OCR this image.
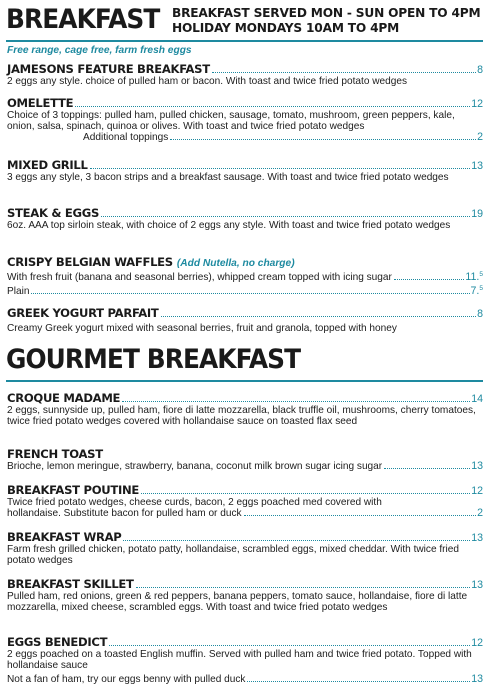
BREAKFAST BREAKFAST SERVED MON - SUN OPEN TO 4PM
HOLIDAY MONDAYS 10AM TO 4PM
Free range, cage free, farm fresh eggs
JAMESONS FEATURE BREAKFAST	8
2 eggs any style. choice of pulled ham or bacon. With toast and twice fried potato wedges
OMELETTE	12
Choice of 3 toppings: pulled ham, pulled chicken, sausage, tomato, mushroom, green peppers, kale, onion, salsa, spinach, quinoa or olives. With toast and twice fried potato wedges
Additional toppings	2
MIXED GRILL	13
3 eggs any style, 3 bacon strips and a breakfast sausage. With toast and twice fried potato wedges
STEAK & EGGS	19
6oz. AAA top sirloin steak, with choice of 2 eggs any style. With toast and twice fried potato wedges
CRISPY BELGIAN WAFFLES (Add Nutella, no charge)
With fresh fruit (banana and seasonal berries), whipped cream topped with icing sugar	11.$^5$
Plain	7.$^5$
GREEK YOGURT PARFAIT	8
Creamy Greek yogurt mixed with seasonal berries, fruit and granola, topped with honey
GOURMET BREAKFAST
CROQUE MADAME	14
2 eggs, sunnyside up, pulled ham, fiore di latte mozzarella, black truffle oil, mushrooms, cherry tomatoes, twice fried potato wedges covered with hollandaise sauce on toasted flax seed
FRENCH TOAST
Brioche, lemon meringue, strawberry, banana, coconut milk brown sugar icing sugar	13
BREAKFAST POUTINE	12
Twice fried potato wedges, cheese curds, bacon, 2 eggs poached med covered with
hollandaise. Substitute bacon for pulled ham or duck	2
BREAKFAST WRAP	13
Farm fresh grilled chicken, potato patty, hollandaise, scrambled eggs, mixed cheddar. With twice fried potato wedges
BREAKFAST SKILLET	13
Pulled ham, red onions, green & red peppers, banana peppers, tomato sauce, hollandaise, fiore di latte mozzarella, mixed cheese, scrambled eggs. With toast and twice fried potato wedges
EGGS BENEDICT	12
2 eggs poached on a toasted English muffin. Served with pulled ham and twice fried potato. Topped with hollandaise sauce
Not a fan of ham, try our eggs benny with pulled duck	13
